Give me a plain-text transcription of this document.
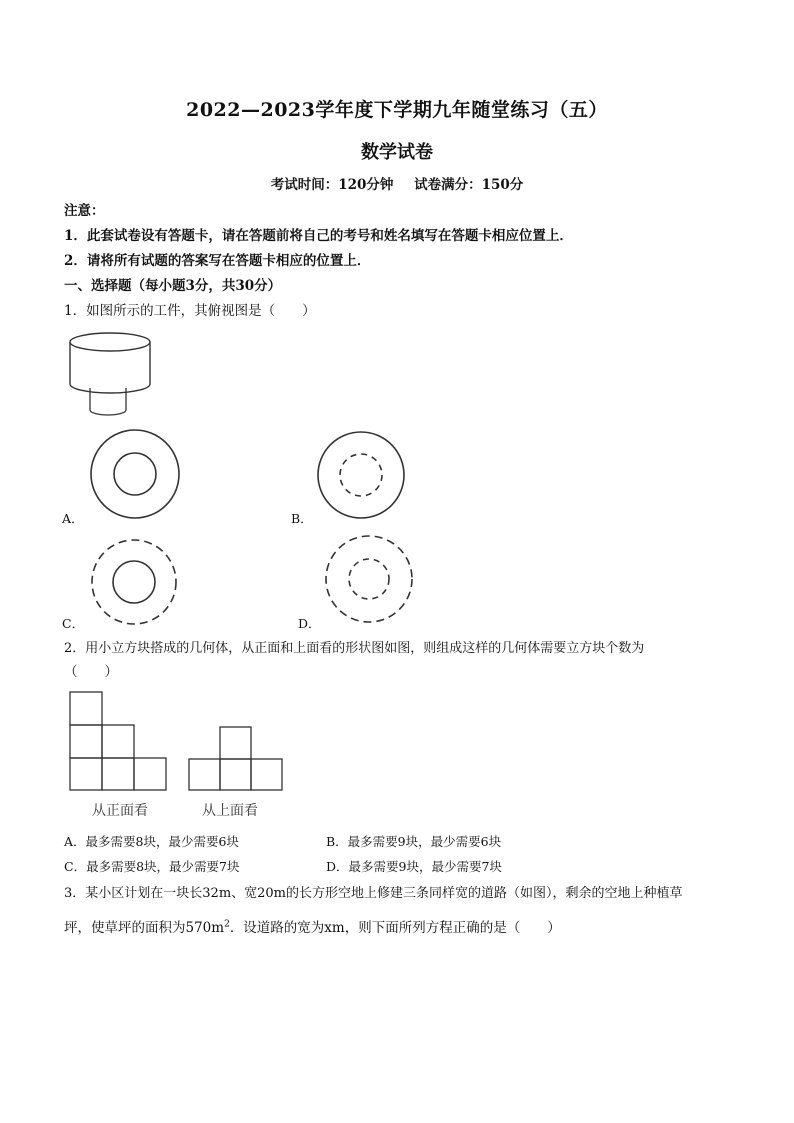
2022—2023学年度下学期九年随堂练习（五）
数学试卷
考试时间：120分钟 试卷满分：150分
注意：
1．此套试卷设有答题卡，请在答题前将自己的考号和姓名填写在答题卡相应位置上．
2．请将所有试题的答案写在答题卡相应的位置上．
一、选择题（每小题3分，共30分）
1．如图所示的工件，其俯视图是（　　）
A．	B．
C．	D．
2．用小立方块搭成的几何体，从正面和上面看的形状图如图，则组成这样的几何体需要立方块个数为
（　　）
从正面看	从上面看
A．最多需要8块，最少需要6块	B．最多需要9块，最少需要6块
C．最多需要8块，最少需要7块	D．最多需要9块，最少需要7块
3．某小区计划在一块长32m、宽20m的长方形空地上修建三条同样宽的道路（如图），剩余的空地上种植草
坪，使草坪的面积为$570m^2$．设道路的宽为xm，则下面所列方程正确的是（　　）
